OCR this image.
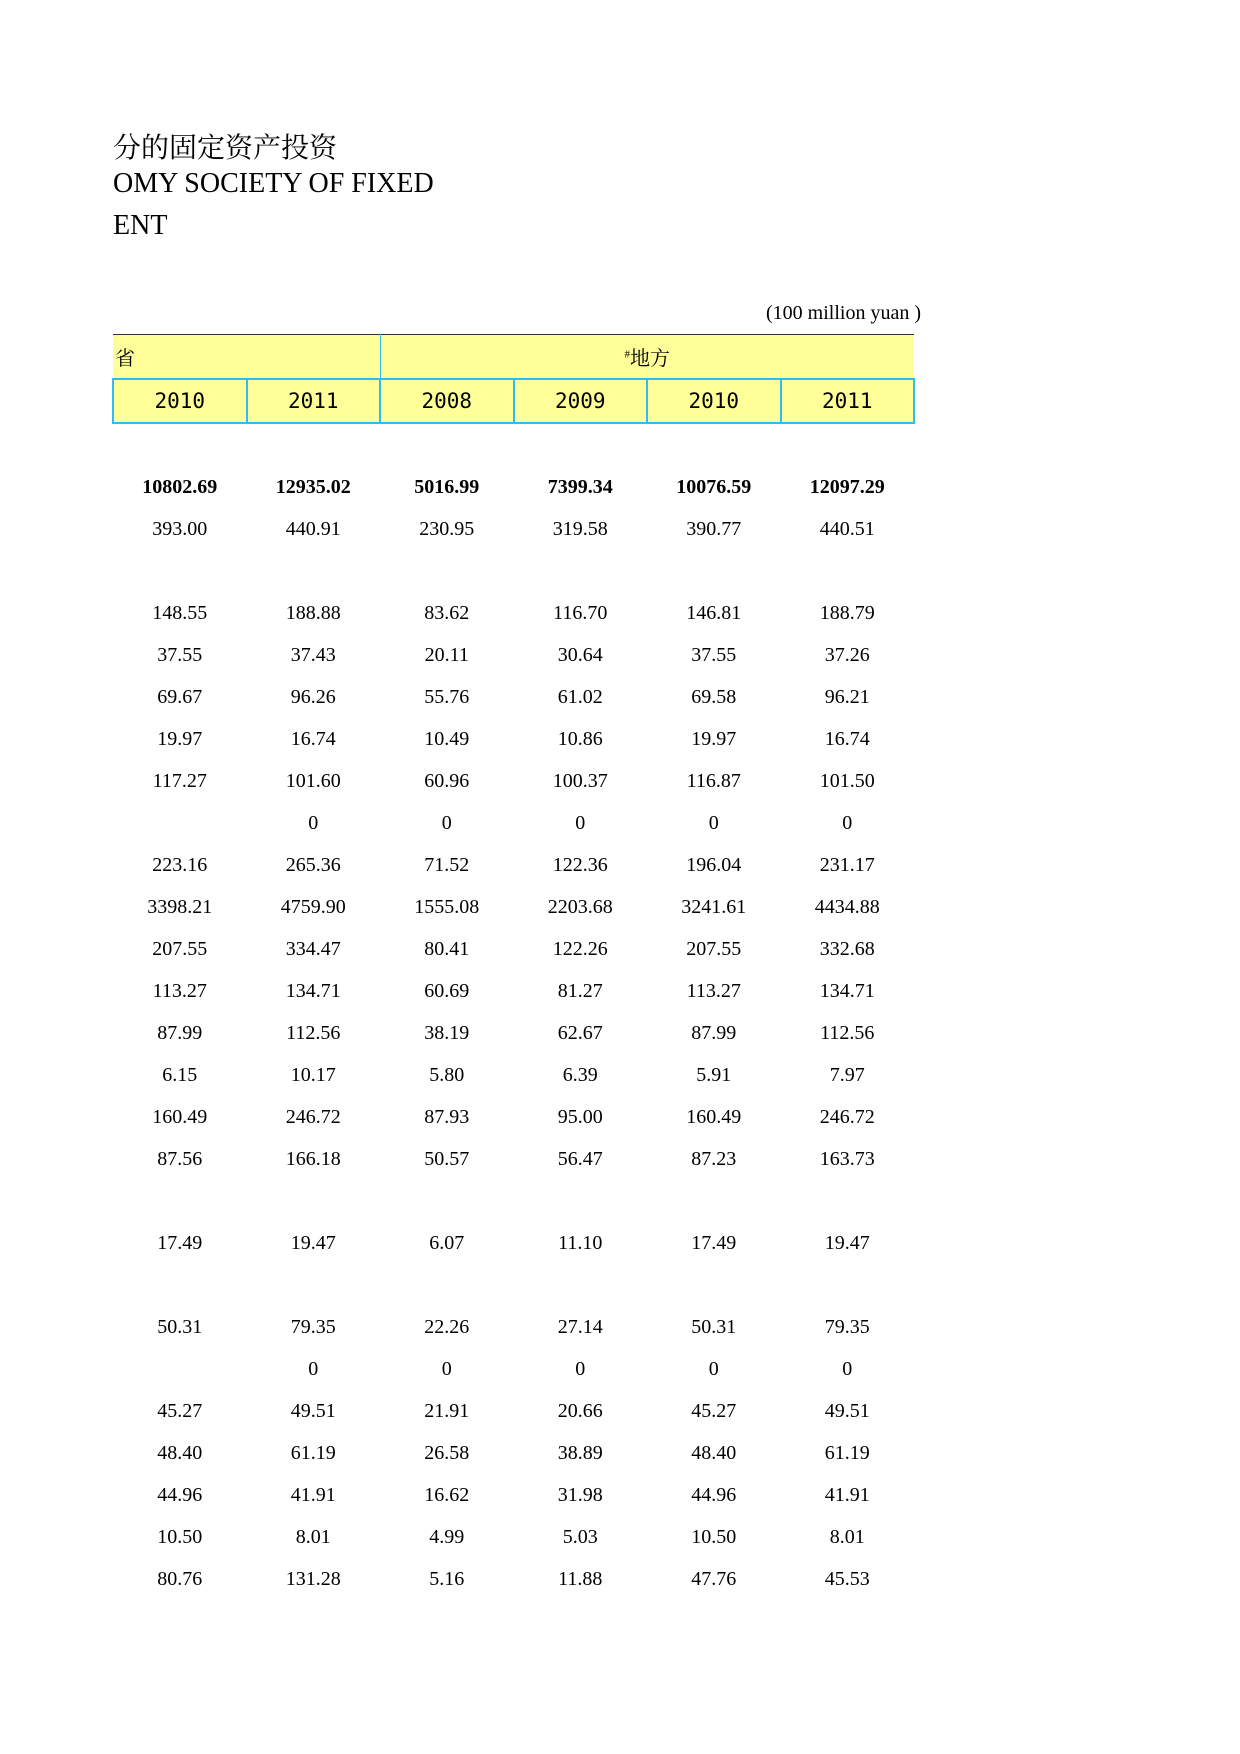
分的固定资产投资
OMY SOCIETY OF FIXED
ENT
(100 million yuan )
省		#地方			
2010	2011	2008	2009	2010	2011

10802.69	12935.02	5016.99	7399.34	10076.59	12097.29
393.00	440.91	230.95	319.58	390.77	440.51

148.55	188.88	83.62	116.70	146.81	188.79
37.55	37.43	20.11	30.64	37.55	37.26
69.67	96.26	55.76	61.02	69.58	96.21
19.97	16.74	10.49	10.86	19.97	16.74
117.27	101.60	60.96	100.37	116.87	101.50
	0	0	0	0	0
223.16	265.36	71.52	122.36	196.04	231.17
3398.21	4759.90	1555.08	2203.68	3241.61	4434.88
207.55	334.47	80.41	122.26	207.55	332.68
113.27	134.71	60.69	81.27	113.27	134.71
87.99	112.56	38.19	62.67	87.99	112.56
6.15	10.17	5.80	6.39	5.91	7.97
160.49	246.72	87.93	95.00	160.49	246.72
87.56	166.18	50.57	56.47	87.23	163.73

17.49	19.47	6.07	11.10	17.49	19.47

50.31	79.35	22.26	27.14	50.31	79.35
	0	0	0	0	0
45.27	49.51	21.91	20.66	45.27	49.51
48.40	61.19	26.58	38.89	48.40	61.19
44.96	41.91	16.62	31.98	44.96	41.91
10.50	8.01	4.99	5.03	10.50	8.01
80.76	131.28	5.16	11.88	47.76	45.53
